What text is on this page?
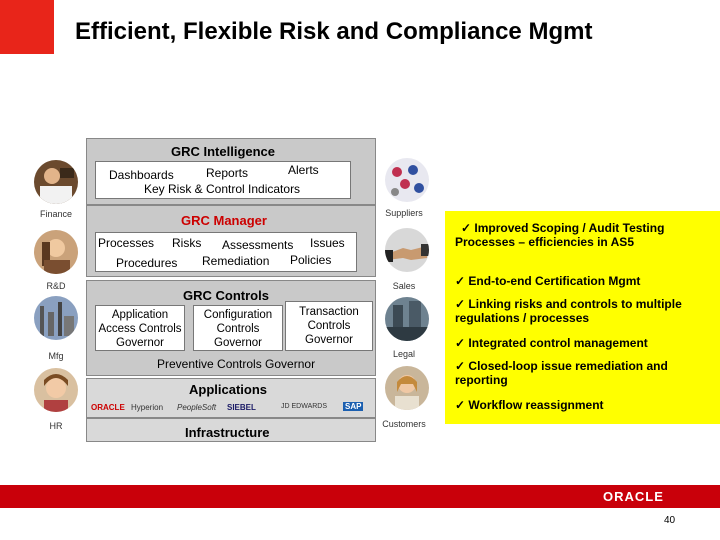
Efficient, Flexible Risk and Compliance Mgmt
Finance
R&D
Mfg
HR
Suppliers
Sales
Legal
Customers
GRC Intelligence
Dashboards	Reports	Alerts
Key Risk & Control Indicators
GRC Manager
Processes Risks Assessments Issues
Procedures Remediation Policies
GRC Controls
Application Access Controls Governor
Configuration Controls Governor
Transaction Controls Governor
Preventive Controls Governor
Applications
ORACLE Hyperion PeopleSoft SIEBEL	JD EDWARDS SAP
Infrastructure
✓ Improved Scoping / Audit Testing Processes – efficiencies in AS5
✓ End-to-end Certification Mgmt
✓ Linking risks and controls to multiple regulations / processes
✓ Integrated control management
✓ Closed-loop issue remediation and reporting
✓ Workflow reassignment
ORACLE
40
